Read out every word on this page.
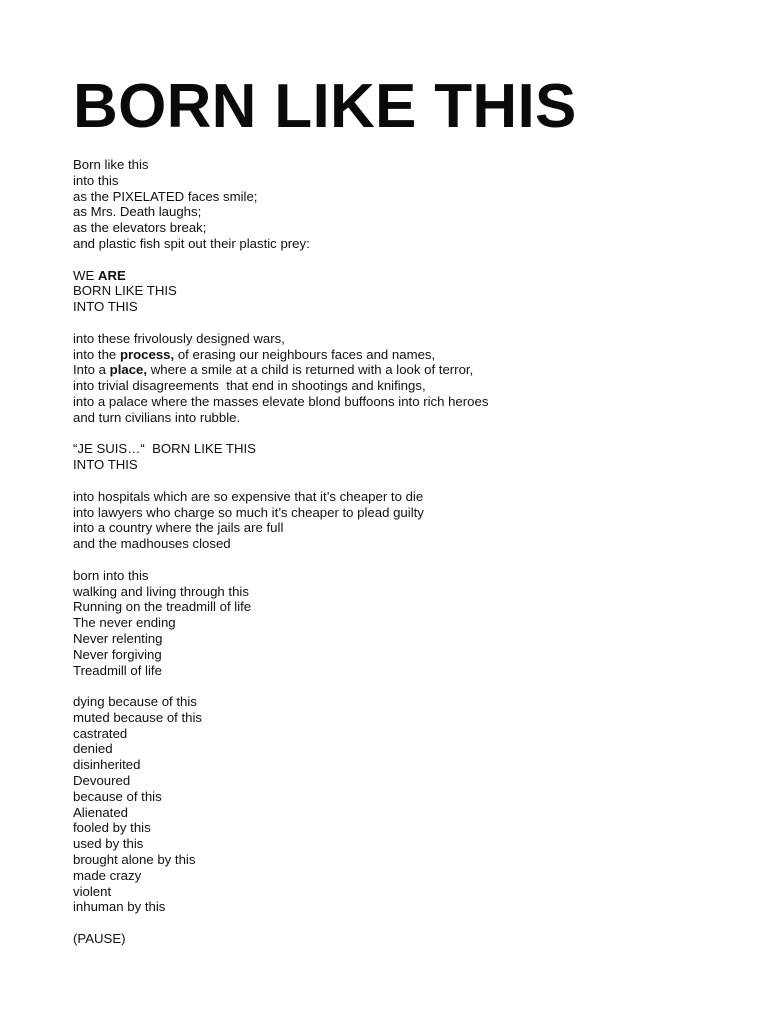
BORN LIKE THIS
Born like this
into this
as the PIXELATED faces smile;
as Mrs. Death laughs;
as the elevators break;
and plastic fish spit out their plastic prey:
WE ARE
BORN LIKE THIS
INTO THIS
into these frivolously designed wars,
into the process, of erasing our neighbours faces and names,
Into a place, where a smile at a child is returned with a look of terror,
into trivial disagreements  that end in shootings and knifings,
into a palace where the masses elevate blond buffoons into rich heroes
and turn civilians into rubble.
“JE SUIS…“  BORN LIKE THIS
INTO THIS
into hospitals which are so expensive that it’s cheaper to die
into lawyers who charge so much it’s cheaper to plead guilty
into a country where the jails are full
and the madhouses closed
born into this
walking and living through this
Running on the treadmill of life
The never ending
Never relenting
Never forgiving
Treadmill of life
dying because of this
muted because of this
castrated
denied
disinherited
Devoured
because of this
Alienated
fooled by this
used by this
brought alone by this
made crazy
violent
inhuman by this
(PAUSE)
